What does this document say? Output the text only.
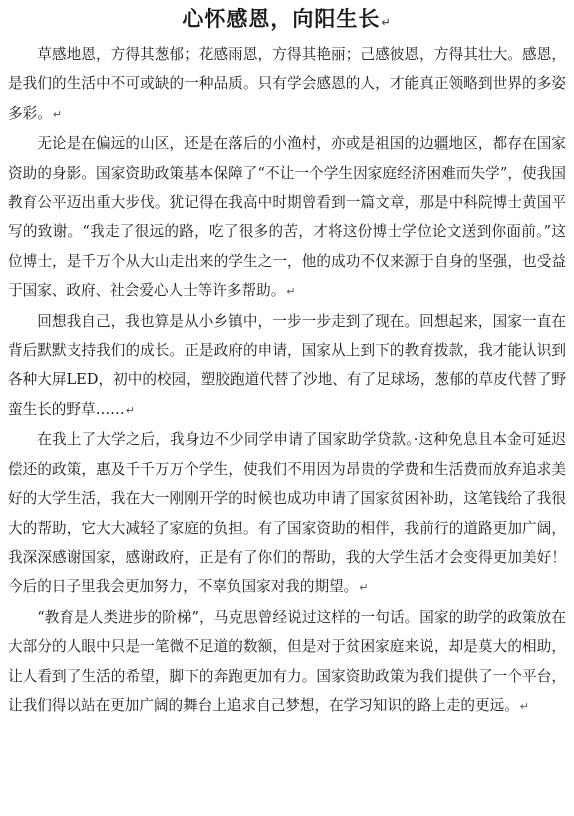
心怀感恩，向阳生长↵

草感地恩，方得其葱郁；花感雨恩，方得其艳丽；己感彼恩，方得其壮大。感恩，是我们的生活中不可或缺的一种品质。只有学会感恩的人，才能真正领略到世界的多姿多彩。↵

无论是在偏远的山区，还是在落后的小渔村，亦或是祖国的边疆地区，都存在国家资助的身影。国家资助政策基本保障了“不让一个学生因家庭经济困难而失学”，使我国教育公平迈出重大步伐。犹记得在我高中时期曾看到一篇文章，那是中科院博士黄国平写的致谢。“我走了很远的路，吃了很多的苦，才将这份博士学位论文送到你面前。”这位博士，是千万个从大山走出来的学生之一，他的成功不仅来源于自身的坚强，也受益于国家、政府、社会爱心人士等许多帮助。↵

回想我自己，我也算是从小乡镇中，一步一步走到了现在。回想起来，国家一直在背后默默支持我们的成长。正是政府的申请，国家从上到下的教育拨款，我才能认识到各种大屏LED，初中的校园，塑胶跑道代替了沙地、有了足球场，葱郁的草皮代替了野蛮生长的野草……↵

在我上了大学之后，我身边不少同学申请了国家助学贷款。·这种免息且本金可延迟偿还的政策，惠及千千万万个学生，使我们不用因为昂贵的学费和生活费而放弃追求美好的大学生活，我在大一刚刚开学的时候也成功申请了国家贫困补助，这笔钱给了我很大的帮助，它大大减轻了家庭的负担。有了国家资助的相伴，我前行的道路更加广阔，我深深感谢国家，感谢政府，正是有了你们的帮助，我的大学生活才会变得更加美好！今后的日子里我会更加努力，不辜负国家对我的期望。↵

“教育是人类进步的阶梯”，马克思曾经说过这样的一句话。国家的助学的政策放在大部分的人眼中只是一笔微不足道的数额，但是对于贫困家庭来说，却是莫大的相助，让人看到了生活的希望，脚下的奔跑更加有力。国家资助政策为我们提供了一个平台，让我们得以站在更加广阔的舞台上追求自己梦想，在学习知识的路上走的更远。↵
